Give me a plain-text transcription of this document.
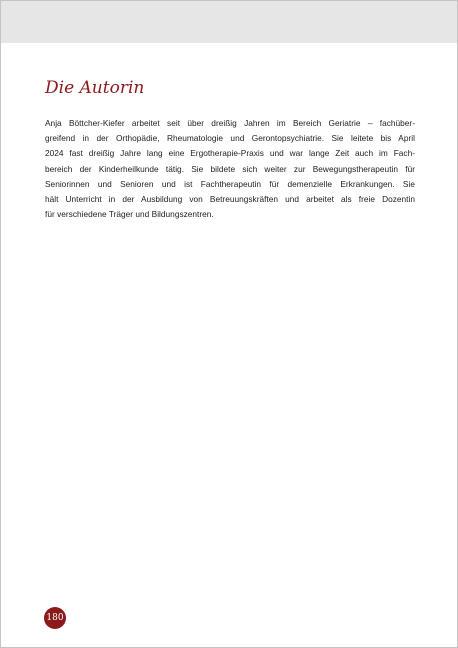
Die Autorin

Anja Böttcher-Kiefer arbeitet seit über dreißig Jahren im Bereich Geriatrie – fachüber-
greifend in der Orthopädie, Rheumatologie und Gerontopsychiatrie. Sie leitete bis April
2024 fast dreißig Jahre lang eine Ergotherapie-Praxis und war lange Zeit auch im Fach-
bereich der Kinderheilkunde tätig. Sie bildete sich weiter zur Bewegungstherapeutin für
Seniorinnen und Senioren und ist Fachtherapeutin für demenzielle Erkrankungen. Sie
hält Unterricht in der Ausbildung von Betreuungskräften und arbeitet als freie Dozentin
für verschiedene Träger und Bildungszentren.

180
